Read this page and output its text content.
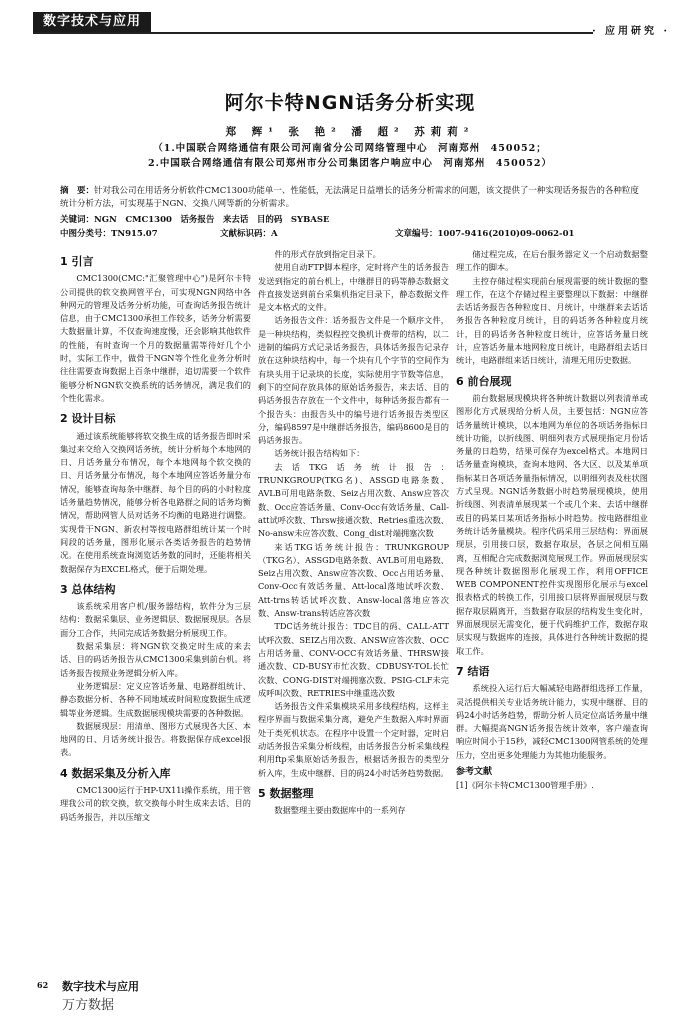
数字技术与应用
· 应用研究 ·
阿尔卡特NGN话务分析实现
郑 辉¹ 张 艳² 潘 超² 苏莉莉²
（1.中国联合网络通信有限公司河南省分公司网络管理中心　河南郑州　450052；
2.中国联合网络通信有限公司郑州市分公司集团客户响应中心　河南郑州　450052）
摘　要：针对我公司在用话务分析软件CMC1300功能单一、性能低，无法满足日益增长的话务分析需求的问题，该文提供了一种实现话务报告的各种粒度统计分析方法，可实现基于NGN、交换八网等新的分析需求。
关键词：NGN　CMC1300　话务报告　来去话　目的码　SYBASE
中图分类号：TN915.07	文献标识码：A	文章编号：1007-9416(2010)09-0062-01
1 引言

CMC1300(CMC:"汇聚管理中心")是阿尔卡特公司提供的软交换网管平台，可实现NGN网络中各种网元的管理及话务分析功能，可查询话务报告统计信息，由于CMC1300承担工作较多，话务分析需要大数据量计算，不仅查询速度慢，还会影响其他软件的性能，有时查询一个月的数据量需等待好几个小时，实际工作中，做骨干NGN等个性化业务分析时往往需要查询数据上百条中继群，追切需要一个软件能够分析NGN软交换系统的话务情况，满足我们的个性化需求。

2 设计目标

通过该系统能够将软交换生成的话务报告即时采集过来交给入交换网话务统，统计分析每个本地网的日、月话务量分布情况，每个本地网每个软交换的日、月话务量分布情况，每个本地网应答话务量分布情况，能够查询每条中继群、每个目的码的小时粒度话务量趋势情况，能够分析各电路群之间的话务均衡情况，帮助网管人员对话务不均衡的电路进行调整。实现骨干NGN、新农村等按电路群组统计某一个时间段的话务量，图形化展示各类话务报告的趋势情况。在使用系统查询浏览话务数的同时，还能将相关数据保存为EXCEL格式，便于后期处理。

3 总体结构

该系统采用客户机/服务器结构，软件分为三层结构：数据采集层、业务逻辑层、数据展现层。各层面分工合作，共同完成话务数据分析展现工作。

数据采集层：将NGN软交换定时生成的来去话、目的码话务报告从CMC1300采集到前台机。将话务报告按照业务逻辑分析入库。

业务逻辑层：定义应答话务量、电路群组统计、静态数据分析、各种不同地域或时间粒度数据生成逻辑等业务逻辑。生成数据展现模块需要的各种数据。

数据展现层：用清单、图形方式展现各大区、本地网的日、月话务统计报告。将数据保存成excel报表。

4 数据采集及分析入库

CMC1300运行于HP-UX11i操作系统，用于管理我公司的软交换，软交换每小时生成来去话、目的码话务报告，并以压缩文

件的形式存放到指定目录下。

使用自动FTP脚本程序，定时将产生的话务报告发送到指定的前台机上，中继群目的码等静态数据文件直接发送到前台采集机指定目录下，静态数据文件是文本格式的文件。

话务报告文件：话务报告文件是一个顺序文件，是一种块结构，类似程控交换机计费带的结构，以二进制的编码方式记录话务报告，具体话务报告记录存放在这种块结构中，每一个块有几个字节的空间作为有块头用于记录块的长度，实际使用字节数等信息，剩下的空间存放具体的原始话务报告，来去话、目的码话务报告存放在一个文件中，每种话务报告都有一个报告头：由报告头中的编号进行话务报告类型区分，编码8597是中继群话务报告，编码8600是目的码话务报告。

话务统计报告结构如下：

去话TKG话务统计报告：TRUNKGROUP(TKG名)、ASSGD电路条数、AVLB可用电路条数、Seiz占用次数、Answ应答次数、Occ应答话务量、Conv-Occ有效话务量、Call-att试呼次数、Thrsw接通次数、Retries重选次数、No-answ未应答次数、Cong_dist对端拥塞次数

来话TKG话务统计报告：TRUNKGROUP（TKG名）、ASSGD电路条数、AVLB可用电路数、Seiz占用次数、Answ应答次数、Occ占用话务量、Conv-Occ有效话务量、Att-local落地试呼次数、Att-trns转话试呼次数、Answ-local落地应答次数、Answ-trans转话应答次数

TDC话务统计报告：TDC目的码、CALL-ATT试呼次数、SEIZ占用次数、ANSW应答次数、OCC占用话务量、CONV-OCC有效话务量、THRSW接通次数、CD-BUSY市忙次数、CDBUSY-TOL长忙次数、CONG-DIST对端拥塞次数、PSIG-CLF未完成呼叫次数、RETRIES中继重选次数

话务报告文件采集模块采用多线程结构，这样主程序界面与数据采集分离，避免产生数据入库时界面处于类死机状态。在程序中设置一个定时器，定时启动话务报告采集分析线程，由话务报告分析采集线程利用ftp采集原始话务报告，根据话务报告的类型分析入库，生成中继群、目的码24小时话务趋势数据。

5 数据整理

数据整理主要由数据库中的一系列存

储过程完成，在后台服务器定义一个启动数据整理工作的脚本。

主控存储过程实现前台展现需要的统计数据的整理工作，在这个存储过程主要整理以下数据：中继群去话话务报告各种粒度日、月统计，中继群来去话话务报告各种粒度月统计，目的码话务各种粒度月统计，目的码话务各种粒度日统计，应答话务量日统计，应答话务量本地网粒度日统计，电路群组去话日统计，电路群组来话日统计，清理无用历史数据。

6 前台展现

前台数据展现模块将各种统计数据以列表清单或图形化方式展现给分析人员，主要包括：NGN应答话务量统计模块，以本地网为单位的各项话务指标日统计功能，以折线图、明细列表方式展现指定月份话务量的日趋势，结果可保存为excel格式。本地网日话务量查询模块，查询本地网、各大区、以及某单项指标某日各项话务量指标情况，以明细列表及柱状图方式呈现。NGN话务数据小时趋势展现模块，使用折线图、列表清单展现某一个或几个来、去话中继群或目的码某日某项话务指标小时趋势。按电路群组业务统计话务量模块。程序代码采用三层结构：界面展现层，引用接口层，数据存取层，各层之间相互隔离，互相配合完成数据浏览展现工作。界面展现层实现各种统计数据图形化展现工作，利用OFFICE WEB COMPONENT控件实现图形化展示与excel报表格式的转换工作，引用接口层将界面展现层与数据存取层隔离开，当数据存取层的结构发生变化时，界面展现层无需变化，便于代码维护工作，数据存取层实现与数据库的连接，具体进行各种统计数据的提取工作。

7 结语

系统投入运行后大幅减轻电路群组选择工作量，灵活提供相关专业话务统计能力，实现中继群、目的码24小时话务趋势，帮助分析人员定位高话务量中继群。大幅提高NGN话务报告统计效率，客户端查询响应时间小于15秒，减轻CMC1300网管系统的处理压力，空出更多处理能力为其他功能服务。

参考文献

[1]《阿尔卡特CMC1300管理手册》.

62 数字技术与应用
万方数据
